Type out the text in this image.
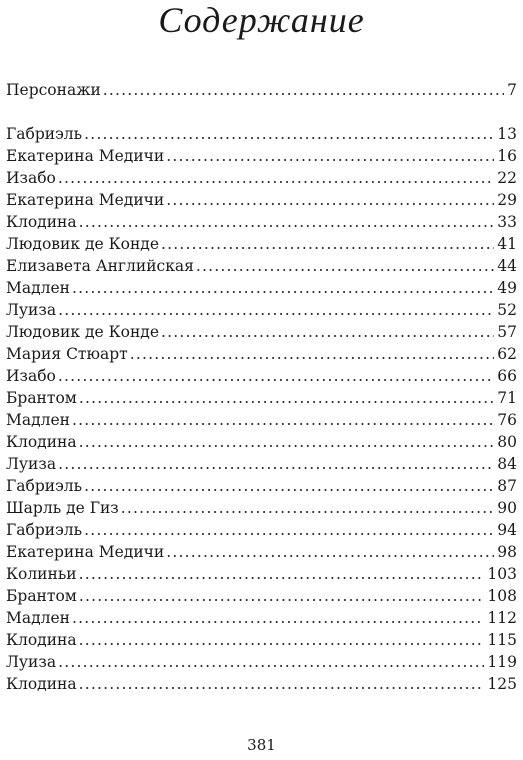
Содержание
Персонажи .....	7
Габриэль .....	13
Екатерина Медичи .....	16
Изабо .....	22
Екатерина Медичи .....	29
Клодина .....	33
Людовик де Конде .....	41
Елизавета Английская .....	44
Мадлен .....	49
Луиза .....	52
Людовик де Конде .....	57
Мария Стюарт .....	62
Изабо .....	66
Брантом .....	71
Мадлен .....	76
Клодина .....	80
Луиза .....	84
Габриэль .....	87
Шарль де Гиз .....	90
Габриэль .....	94
Екатерина Медичи .....	98
Колиньи .....	103
Брантом .....	108
Мадлен .....	112
Клодина .....	115
Луиза .....	119
Клодина .....	125
381
